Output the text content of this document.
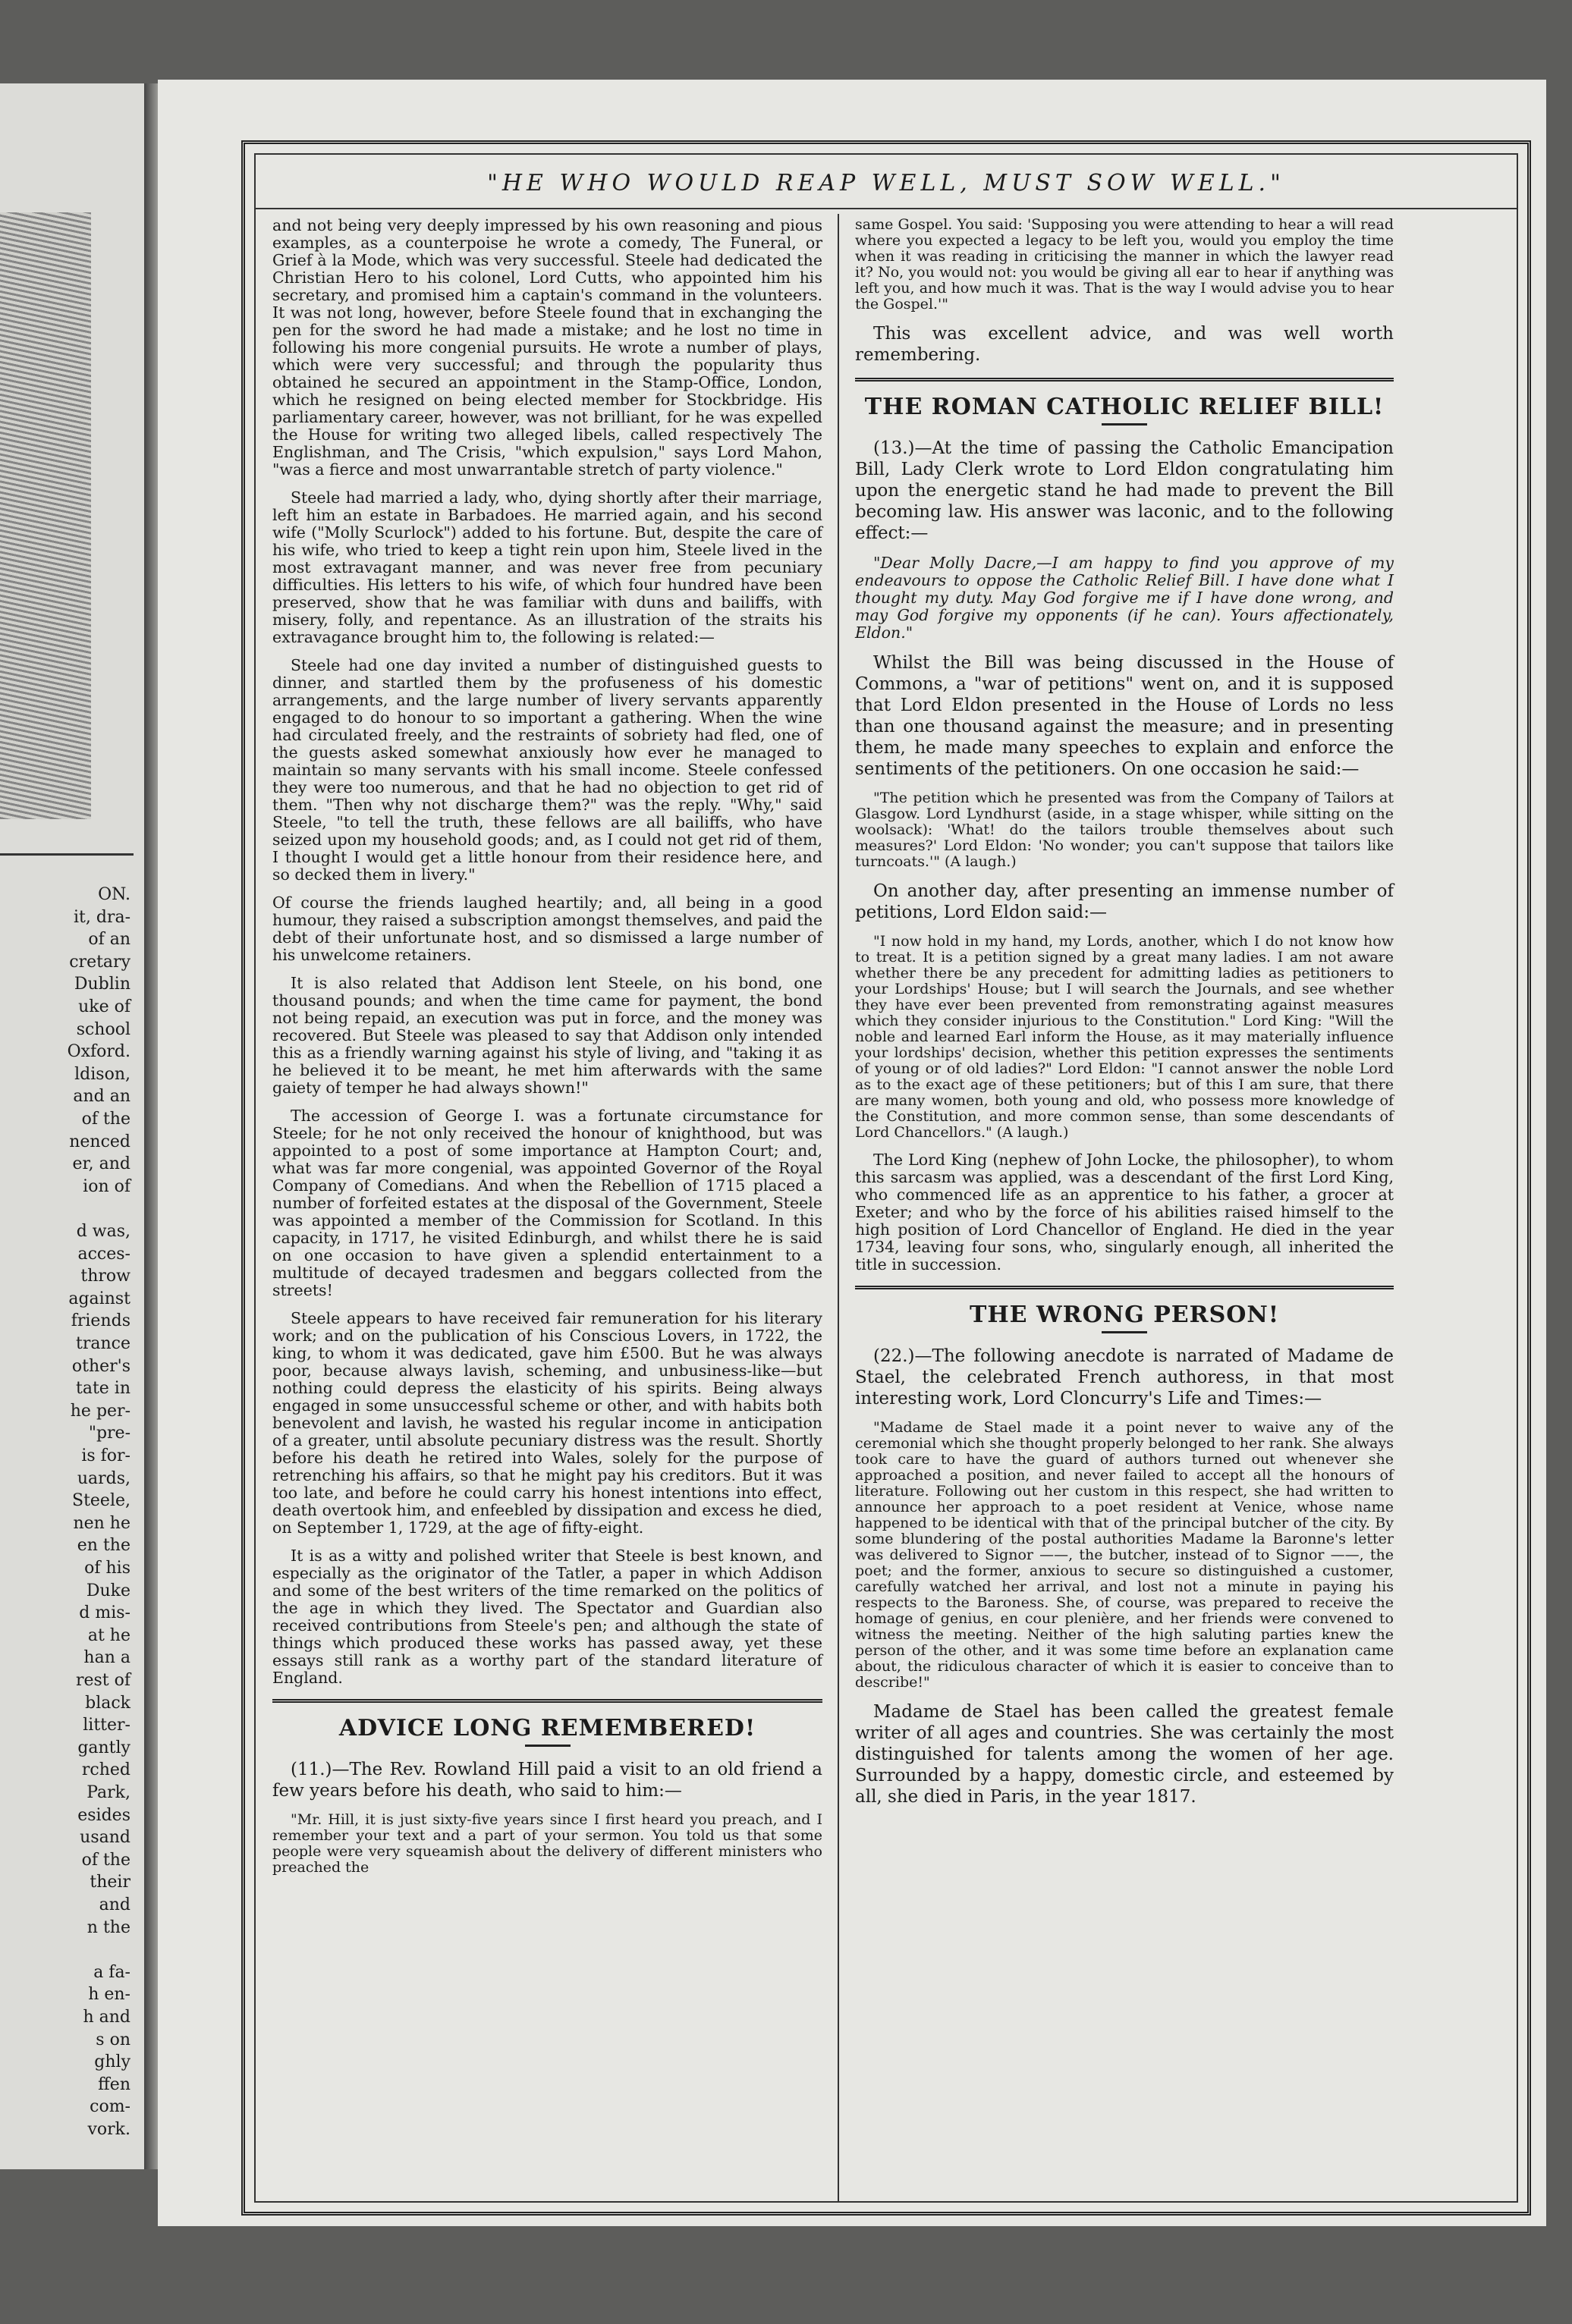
ON.
it, dra-
of an
cretary
Dublin
uke of
school
Oxford.
ldison,
and an
of the
nenced
er, and
ion of
d was,
acces-
throw
against
friends
trance
other's
tate in
he per-
"pre-
is for-
uards,
Steele,
nen he
en the
of his
Duke
d mis-
at he
han a
rest of
black
litter-
gantly
rched
Park,
esides
usand
of the
their
and
n the
a fa-
h en-
h and
s on
ghly
ffen
com-
vork.
"HE WHO WOULD REAP WELL, MUST SOW WELL."

and not being very deeply impressed by his own reasoning and pious examples, as a counterpoise he wrote a comedy, The Funeral, or Grief à la Mode, which was very successful. Steele had dedicated the Christian Hero to his colonel, Lord Cutts, who appointed him his secretary, and promised him a captain's command in the volunteers. It was not long, however, before Steele found that in exchanging the pen for the sword he had made a mistake; and he lost no time in following his more congenial pursuits. He wrote a number of plays, which were very successful; and through the popularity thus obtained he secured an appointment in the Stamp-Office, London, which he resigned on being elected member for Stockbridge. His parliamentary career, however, was not brilliant, for he was expelled the House for writing two alleged libels, called respectively The Englishman, and The Crisis, "which expulsion," says Lord Mahon, "was a fierce and most unwarrantable stretch of party violence."

Steele had married a lady, who, dying shortly after their marriage, left him an estate in Barbadoes. He married again, and his second wife ("Molly Scurlock") added to his fortune. But, despite the care of his wife, who tried to keep a tight rein upon him, Steele lived in the most extravagant manner, and was never free from pecuniary difficulties. His letters to his wife, of which four hundred have been preserved, show that he was familiar with duns and bailiffs, with misery, folly, and repentance. As an illustration of the straits his extravagance brought him to, the following is related:—

Steele had one day invited a number of distinguished guests to dinner, and startled them by the profuseness of his domestic arrangements, and the large number of livery servants apparently engaged to do honour to so important a gathering. When the wine had circulated freely, and the restraints of sobriety had fled, one of the guests asked somewhat anxiously how ever he managed to maintain so many servants with his small income. Steele confessed they were too numerous, and that he had no objection to get rid of them. "Then why not discharge them?" was the reply. "Why," said Steele, "to tell the truth, these fellows are all bailiffs, who have seized upon my household goods; and, as I could not get rid of them, I thought I would get a little honour from their residence here, and so decked them in livery."

Of course the friends laughed heartily; and, all being in a good humour, they raised a subscription amongst themselves, and paid the debt of their unfortunate host, and so dismissed a large number of his unwelcome retainers.

It is also related that Addison lent Steele, on his bond, one thousand pounds; and when the time came for payment, the bond not being repaid, an execution was put in force, and the money was recovered. But Steele was pleased to say that Addison only intended this as a friendly warning against his style of living, and "taking it as he believed it to be meant, he met him afterwards with the same gaiety of temper he had always shown!"

The accession of George I. was a fortunate circumstance for Steele; for he not only received the honour of knighthood, but was appointed to a post of some importance at Hampton Court; and, what was far more congenial, was appointed Governor of the Royal Company of Comedians. And when the Rebellion of 1715 placed a number of forfeited estates at the disposal of the Government, Steele was appointed a member of the Commission for Scotland. In this capacity, in 1717, he visited Edinburgh, and whilst there he is said on one occasion to have given a splendid entertainment to a multitude of decayed tradesmen and beggars collected from the streets!

Steele appears to have received fair remuneration for his literary work; and on the publication of his Conscious Lovers, in 1722, the king, to whom it was dedicated, gave him £500. But he was always poor, because always lavish, scheming, and unbusiness-like—but nothing could depress the elasticity of his spirits. Being always engaged in some unsuccessful scheme or other, and with habits both benevolent and lavish, he wasted his regular income in anticipation of a greater, until absolute pecuniary distress was the result. Shortly before his death he retired into Wales, solely for the purpose of retrenching his affairs, so that he might pay his creditors. But it was too late, and before he could carry his honest intentions into effect, death overtook him, and enfeebled by dissipation and excess he died, on September 1, 1729, at the age of fifty-eight.

It is as a witty and polished writer that Steele is best known, and especially as the originator of the Tatler, a paper in which Addison and some of the best writers of the time remarked on the politics of the age in which they lived. The Spectator and Guardian also received contributions from Steele's pen; and although the state of things which produced these works has passed away, yet these essays still rank as a worthy part of the standard literature of England.

ADVICE LONG REMEMBERED!

(11.)—The Rev. Rowland Hill paid a visit to an old friend a few years before his death, who said to him:—

"Mr. Hill, it is just sixty-five years since I first heard you preach, and I remember your text and a part of your sermon. You told us that some people were very squeamish about the delivery of different ministers who preached the

same Gospel. You said: 'Supposing you were attending to hear a will read where you expected a legacy to be left you, would you employ the time when it was reading in criticising the manner in which the lawyer read it? No, you would not: you would be giving all ear to hear if anything was left you, and how much it was. That is the way I would advise you to hear the Gospel.'"

This was excellent advice, and was well worth remembering.

THE ROMAN CATHOLIC RELIEF BILL!

(13.)—At the time of passing the Catholic Emancipation Bill, Lady Clerk wrote to Lord Eldon congratulating him upon the energetic stand he had made to prevent the Bill becoming law. His answer was laconic, and to the following effect:—

"Dear Molly Dacre,—I am happy to find you approve of my endeavours to oppose the Catholic Relief Bill. I have done what I thought my duty. May God forgive me if I have done wrong, and may God forgive my opponents (if he can). Yours affectionately, Eldon."

Whilst the Bill was being discussed in the House of Commons, a "war of petitions" went on, and it is supposed that Lord Eldon presented in the House of Lords no less than one thousand against the measure; and in presenting them, he made many speeches to explain and enforce the sentiments of the petitioners. On one occasion he said:—

"The petition which he presented was from the Company of Tailors at Glasgow. Lord Lyndhurst (aside, in a stage whisper, while sitting on the woolsack): 'What! do the tailors trouble themselves about such measures?' Lord Eldon: 'No wonder; you can't suppose that tailors like turncoats.'" (A laugh.)

On another day, after presenting an immense number of petitions, Lord Eldon said:—

"I now hold in my hand, my Lords, another, which I do not know how to treat. It is a petition signed by a great many ladies. I am not aware whether there be any precedent for admitting ladies as petitioners to your Lordships' House; but I will search the Journals, and see whether they have ever been prevented from remonstrating against measures which they consider injurious to the Constitution." Lord King: "Will the noble and learned Earl inform the House, as it may materially influence your lordships' decision, whether this petition expresses the sentiments of young or of old ladies?" Lord Eldon: "I cannot answer the noble Lord as to the exact age of these petitioners; but of this I am sure, that there are many women, both young and old, who possess more knowledge of the Constitution, and more common sense, than some descendants of Lord Chancellors." (A laugh.)

The Lord King (nephew of John Locke, the philosopher), to whom this sarcasm was applied, was a descendant of the first Lord King, who commenced life as an apprentice to his father, a grocer at Exeter; and who by the force of his abilities raised himself to the high position of Lord Chancellor of England. He died in the year 1734, leaving four sons, who, singularly enough, all inherited the title in succession.

THE WRONG PERSON!

(22.)—The following anecdote is narrated of Madame de Stael, the celebrated French authoress, in that most interesting work, Lord Cloncurry's Life and Times:—

"Madame de Stael made it a point never to waive any of the ceremonial which she thought properly belonged to her rank. She always took care to have the guard of authors turned out whenever she approached a position, and never failed to accept all the honours of literature. Following out her custom in this respect, she had written to announce her approach to a poet resident at Venice, whose name happened to be identical with that of the principal butcher of the city. By some blundering of the postal authorities Madame la Baronne's letter was delivered to Signor ——, the butcher, instead of to Signor ——, the poet; and the former, anxious to secure so distinguished a customer, carefully watched her arrival, and lost not a minute in paying his respects to the Baroness. She, of course, was prepared to receive the homage of genius, en cour plenière, and her friends were convened to witness the meeting. Neither of the high saluting parties knew the person of the other, and it was some time before an explanation came about, the ridiculous character of which it is easier to conceive than to describe!"

Madame de Stael has been called the greatest female writer of all ages and countries. She was certainly the most distinguished for talents among the women of her age. Surrounded by a happy, domestic circle, and esteemed by all, she died in Paris, in the year 1817.
